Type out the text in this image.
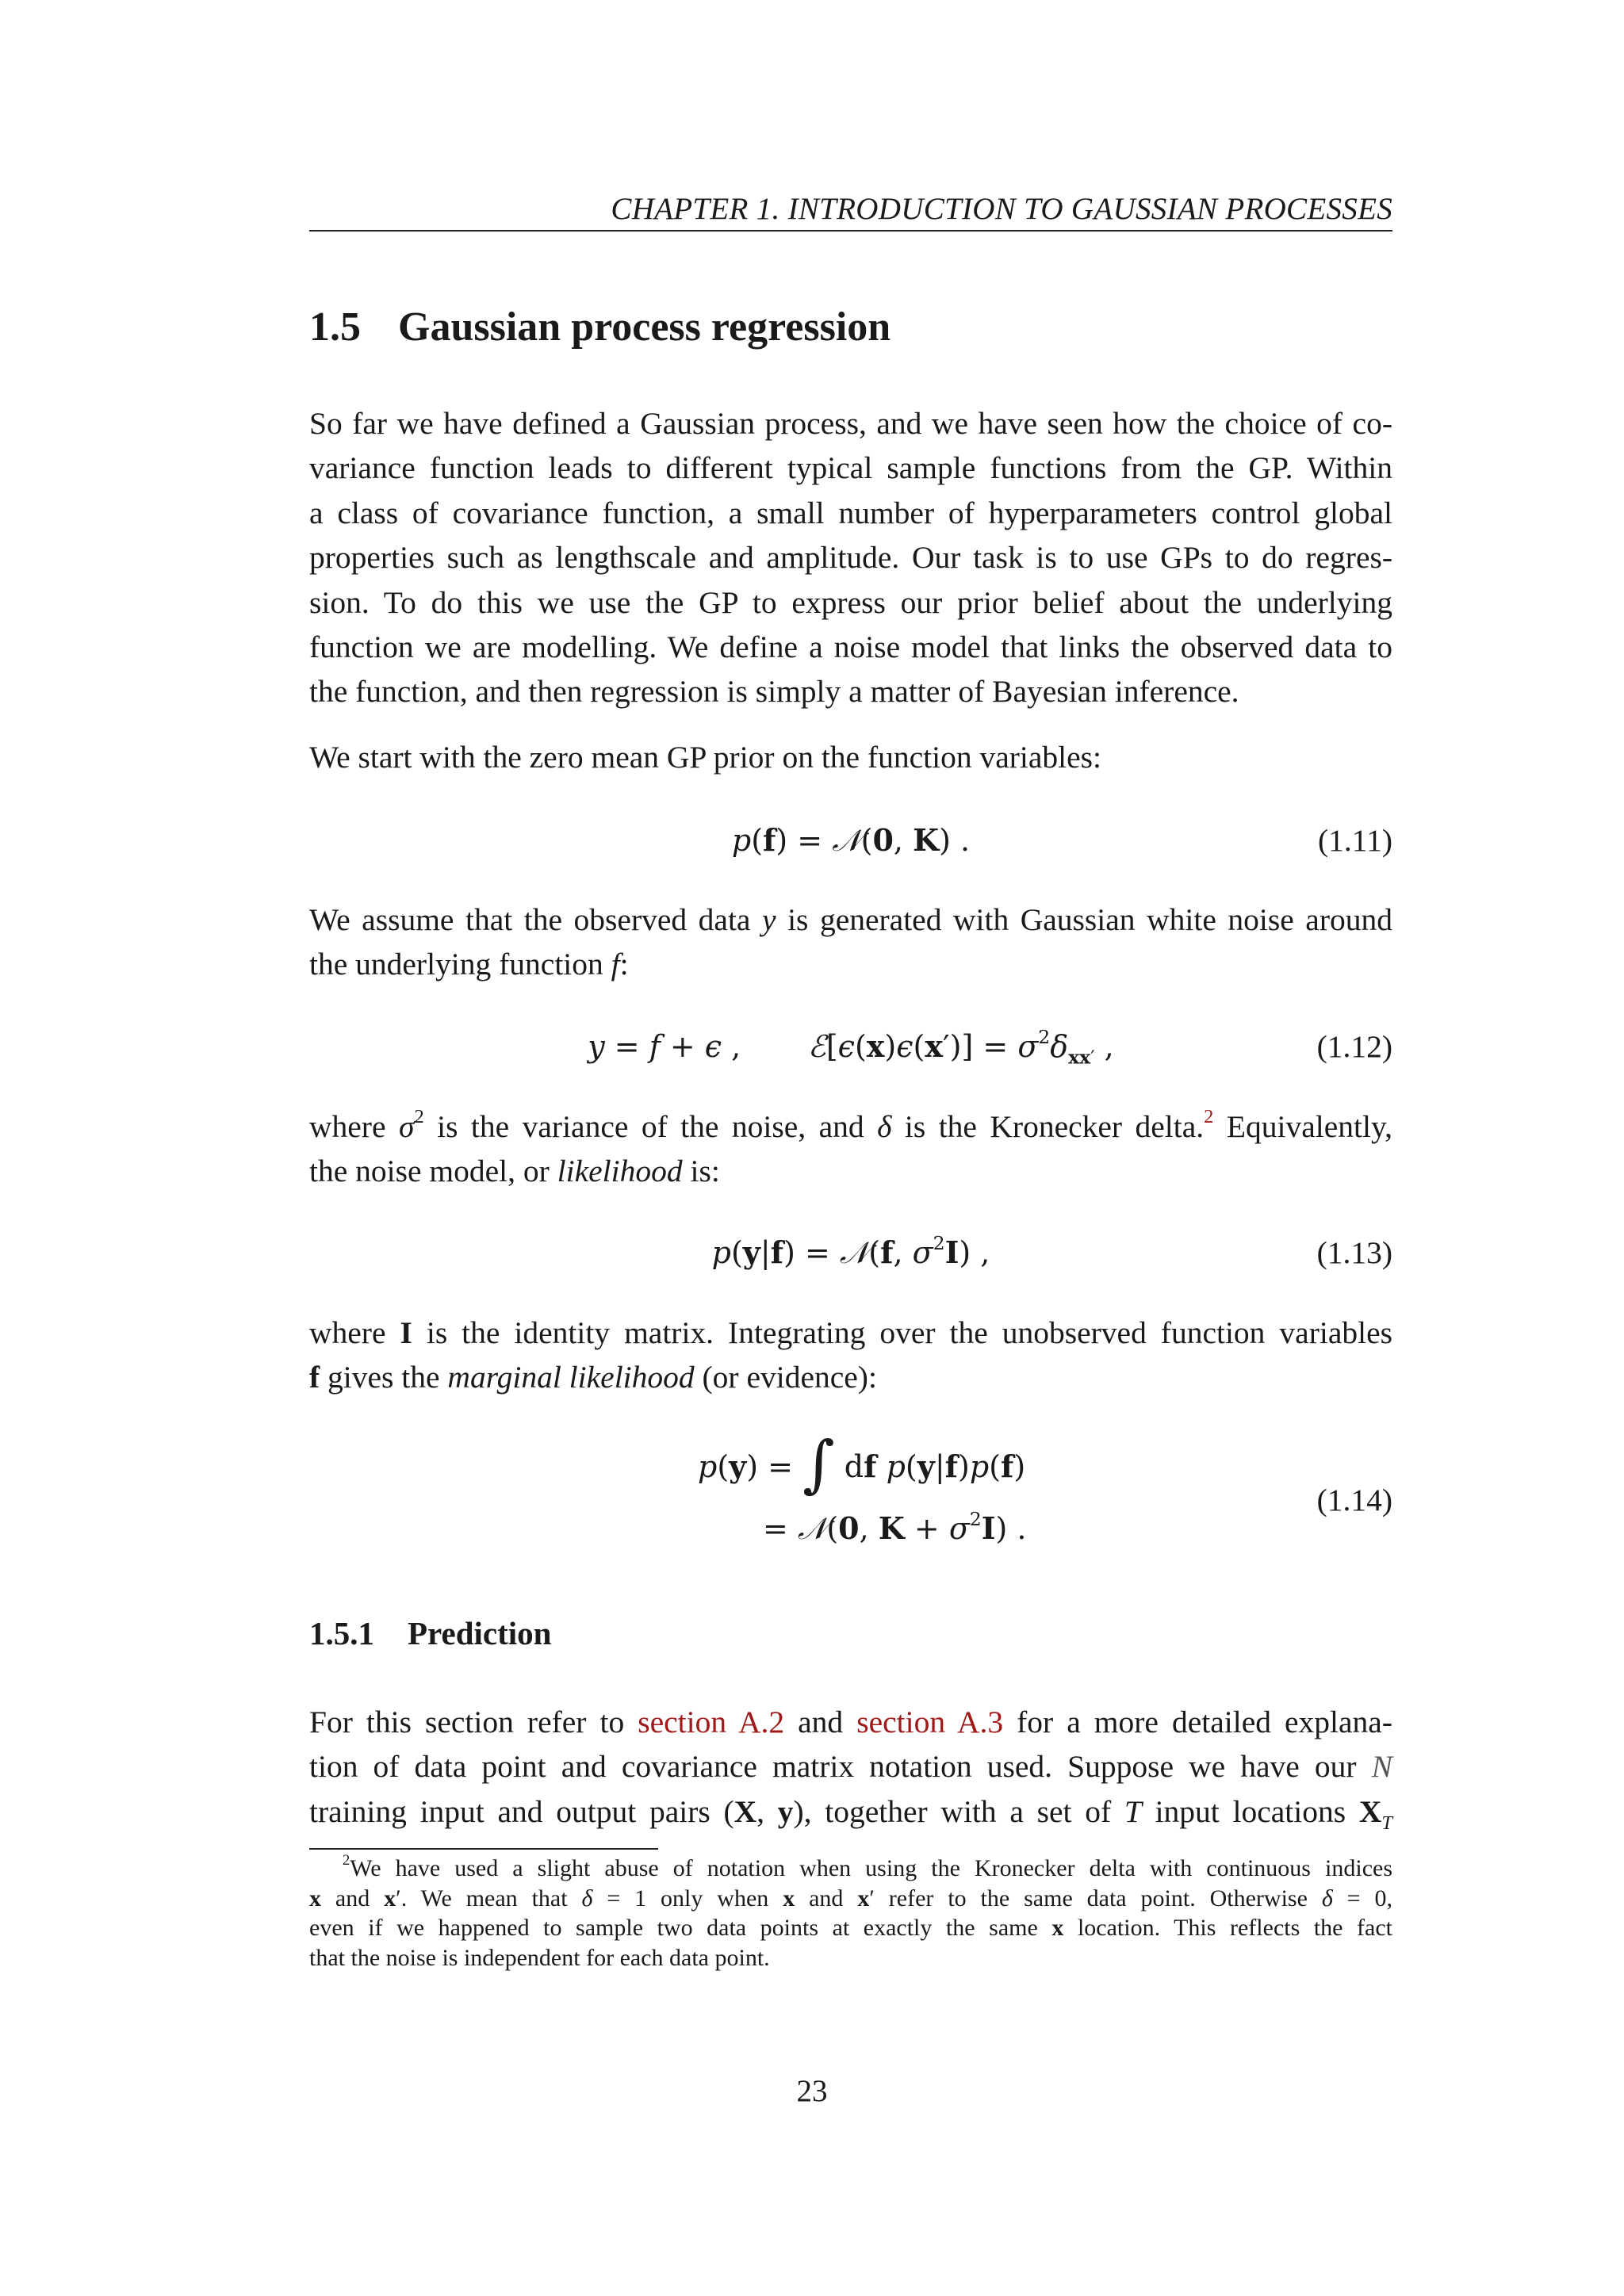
CHAPTER 1. INTRODUCTION TO GAUSSIAN PROCESSES
1.5 Gaussian process regression
So far we have defined a Gaussian process, and we have seen how the choice of co-
variance function leads to different typical sample functions from the GP. Within
a class of covariance function, a small number of hyperparameters control global
properties such as lengthscale and amplitude. Our task is to use GPs to do regres-
sion. To do this we use the GP to express our prior belief about the underlying
function we are modelling. We define a noise model that links the observed data to
the function, and then regression is simply a matter of Bayesian inference.
We start with the zero mean GP prior on the function variables:
p(f) = 𝒩(0, K) .	(1.11)
We assume that the observed data y is generated with Gaussian white noise around
the underlying function f:
y = f + ϵ ,       ℰ[ϵ(x)ϵ(x′)] = $\sigma^2\delta_{xx'}$ ,	(1.12)
where $\sigma^2$ is the variance of the noise, and δ is the Kronecker delta.$^2$ Equivalently,
the noise model, or likelihood is:
p(y|f) = 𝒩(f, $\sigma^2I$) ,	(1.13)
where I is the identity matrix. Integrating over the unobserved function variables
f gives the marginal likelihood (or evidence):
p(y) = ∫ df p(y|f)p(f)
= 𝒩(0, $K + \sigma^2I$) .
(1.14)
1.5.1 Prediction
For this section refer to section A.2 and section A.3 for a more detailed explana-
tion of data point and covariance matrix notation used. Suppose we have our N
training input and output pairs (X, y), together with a set of T input locations $X_T$
$^2$We have used a slight abuse of notation when using the Kronecker delta with continuous indices
x and x′. We mean that δ = 1 only when x and x′ refer to the same data point. Otherwise δ = 0,
even if we happened to sample two data points at exactly the same x location. This reflects the fact
that the noise is independent for each data point.
23
